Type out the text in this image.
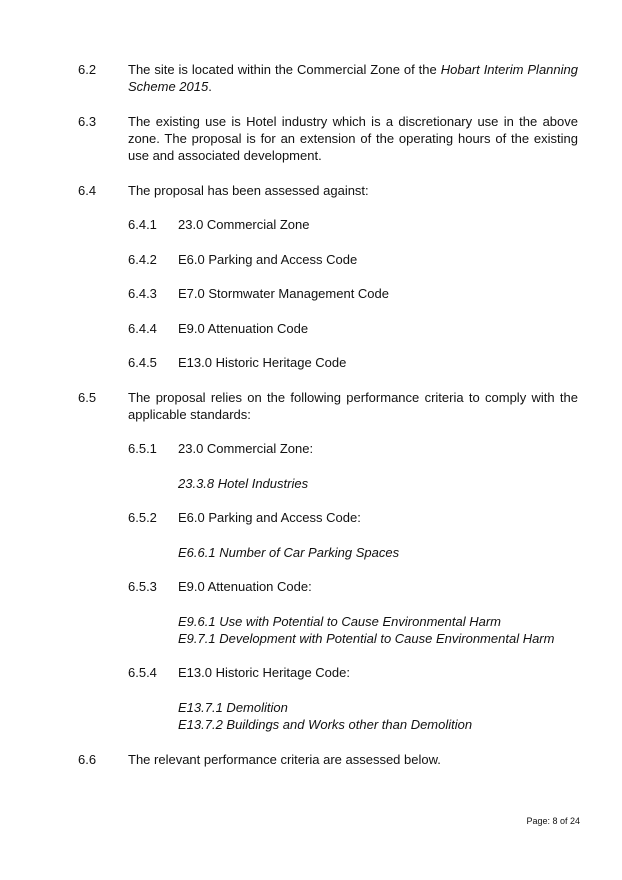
6.2	The site is located within the Commercial Zone of the Hobart Interim Planning Scheme 2015.
6.3	The existing use is Hotel industry which is a discretionary use in the above zone. The proposal is for an extension of the operating hours of the existing use and associated development.
6.4	The proposal has been assessed against:
6.4.1	23.0 Commercial Zone
6.4.2	E6.0 Parking and Access Code
6.4.3	E7.0 Stormwater Management Code
6.4.4	E9.0 Attenuation Code
6.4.5	E13.0 Historic Heritage Code
6.5	The proposal relies on the following performance criteria to comply with the applicable standards:
6.5.1	23.0 Commercial Zone:
23.3.8 Hotel Industries
6.5.2	E6.0 Parking and Access Code:
E6.6.1 Number of Car Parking Spaces
6.5.3	E9.0 Attenuation Code:
E9.6.1 Use with Potential to Cause Environmental Harm
E9.7.1 Development with Potential to Cause Environmental Harm
6.5.4	E13.0 Historic Heritage Code:
E13.7.1 Demolition
E13.7.2 Buildings and Works other than Demolition
6.6	The relevant performance criteria are assessed below.
Page: 8 of 24
